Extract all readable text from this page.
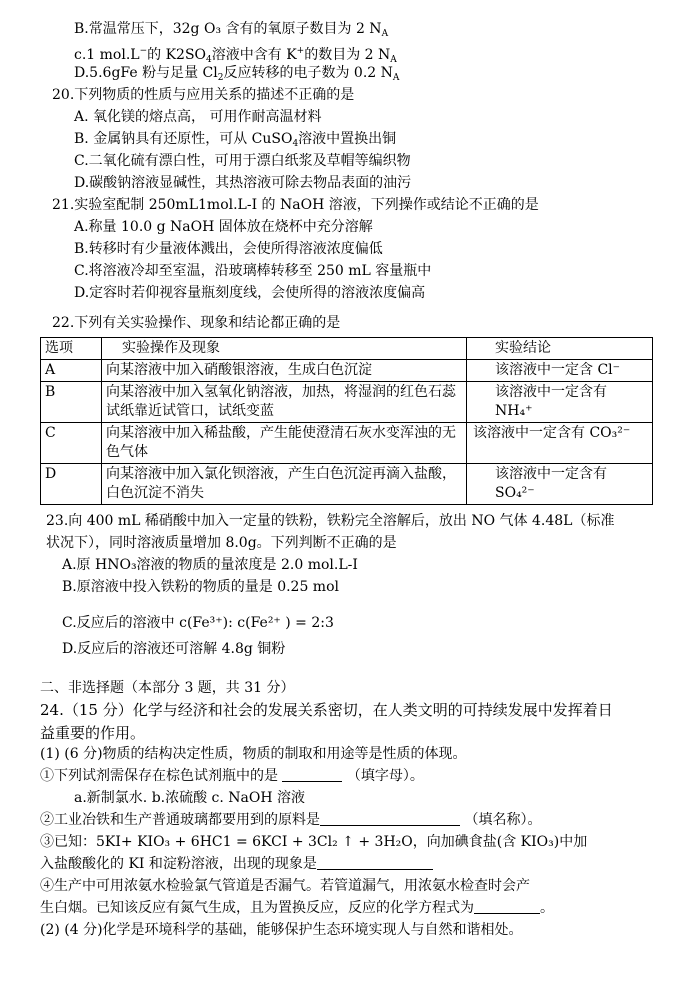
B.常温常压下，32g O₃ 含有的氧原子数目为 2 $N_A$
c.1 mol.L−的 $K2SO_4$溶液中含有 K+的数目为 2 $N_A$
D.5.6gFe 粉与足量 $Cl_2$反应转移的电子数为 0.2 $N_A$
20.下列物质的性质与应用关系的描述不正确的是
A. 氧化镁的熔点高， 可用作耐高温材料
B. 金属钠具有还原性，可从 CuSO$_4$溶液中置换出铜
C.二氧化硫有漂白性，可用于漂白纸浆及草帽等编织物
D.碳酸钠溶液显碱性，其热溶液可除去物品表面的油污
21.实验室配制 250mL1mol.L-I 的 NaOH 溶液，下列操作或结论不正确的是
A.称量 10.0 g NaOH 固体放在烧杯中充分溶解
B.转移时有少量液体溅出，会使所得溶液浓度偏低
C.将溶液冷却至室温，沿玻璃棒转移至 250 mL 容量瓶中
D.定容时若仰视容量瓶刻度线，会使所得的溶液浓度偏高
22.下列有关实验操作、现象和结论都正确的是
选项	实验操作及现象	实验结论
A	向某溶液中加入硝酸银溶液，生成白色沉淀	该溶液中一定含 Cl⁻
B	向某溶液中加入氢氧化钠溶液，加热，将湿润的红色石蕊试纸靠近试管口，试纸变蓝	该溶液中一定含有 NH₄⁺
C	向某溶液中加入稀盐酸，产生能使澄清石灰水变浑浊的无色气体	该溶液中一定含有 CO₃²⁻
D	向某溶液中加入氯化钡溶液，产生白色沉淀再滴入盐酸，白色沉淀不消失	该溶液中一定含有 SO₄²⁻
23.向 400 mL 稀硝酸中加入一定量的铁粉，铁粉完全溶解后，放出 NO 气体 4.48L（标准
状况下），同时溶液质量增加 8.0g。下列判断不正确的是
A.原 HNO₃溶液的物质的量浓度是 2.0 mol.L-I
B.原溶液中投入铁粉的物质的量是 0.25 mol
C.反应后的溶液中 c(Fe³⁺): c(Fe²⁺ ) = 2:3
D.反应后的溶液还可溶解 4.8g 铜粉
二、非选择题（本部分 3 题，共 31 分）
24.（15 分）化学与经济和社会的发展关系密切，在人类文明的可持续发展中发挥着日
益重要的作用。
(1) (6 分)物质的结构决定性质，物质的制取和用途等是性质的体现。
①下列试剂需保存在棕色试剂瓶中的是	（填字母）。
a.新制氯水. b.浓硫酸 c. NaOH 溶液
②工业冶铁和生产普通玻璃都要用到的原料是	（填名称）。
③已知：5KI+ KIO₃ + 6HC1 = 6KCI + 3Cl₂ ↑ + 3H₂O，向加碘食盐(含 KIO₃)中加
入盐酸酸化的 KI 和淀粉溶液，出现的现象是
④生产中可用浓氨水检验氯气管道是否漏气。若管道漏气，用浓氨水检查时会产
生白烟。已知该反应有氮气生成，且为置换反应，反应的化学方程式为	。
(2) (4 分)化学是环境科学的基础，能够保护生态环境实现人与自然和谐相处。
